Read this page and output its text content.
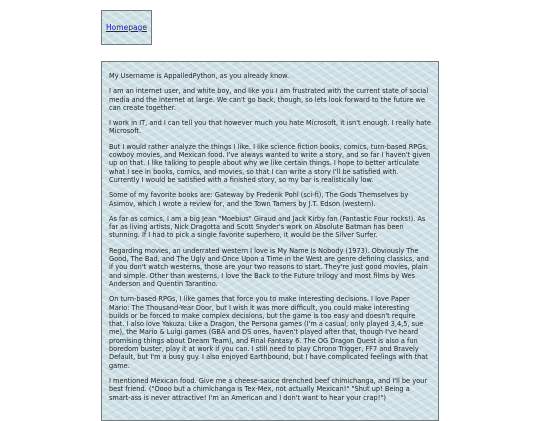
Homepage

My Username is AppalledPython, as you already know.

I am an internet user, and white boy, and like you I am frustrated with the current state of social media and the internet at large. We can't go back, though, so lets look forward to the future we can create together.

I work in IT, and I can tell you that however much you hate Microsoft, it isn't enough. I really hate Microsoft.

But I would rather analyze the things I like. I like science fiction books, comics, turn-based RPGs, cowboy movies, and Mexican food. I've always wanted to write a story, and so far I haven't given up on that. I like talking to people about why we like certain things. I hope to better articulate what I see in books, comics, and movies, so that I can write a story I'll be satisfied with. Currently I would be satisfied with a finished story, so my bar is realistically low.

Some of my favorite books are: Gateway by Frederik Pohl (sci-fi), The Gods Themselves by Asimov, which I wrote a review for, and the Town Tamers by J.T. Edson (western).

As far as comics, I am a big Jean "Moebius" Giraud and Jack Kirby fan (Fantastic Four rocks!). As far as living artists, Nick Dragotta and Scott Snyder's work on Absolute Batman has been stunning. If I had to pick a single favorite superhero, it would be the Silver Surfer.

Regarding movies, an underrated western I love is My Name Is Nobody (1973). Obviously The Good, The Bad, and The Ugly and Once Upon a Time in the West are genre defining classics, and if you don't watch westerns, those are your two reasons to start. They're just good movies, plain and simple. Other than westerns, I love the Back to the Future trilogy and most films by Wes Anderson and Quentin Tarantino.

On turn-based RPGs, I like games that force you to make interesting decisions. I love Paper Mario: The Thousand-Year Door, but I wish it was more difficult, you could make interesting builds or be forced to make complex decisions, but the game is too easy and doesn't require that. I also love Yakuza: Like a Dragon, the Persona games (I'm a casual, only played 3,4,5, sue me), the Mario & Luigi games (GBA and DS ones, haven't played after that, though I've heard promising things about Dream Team), and Final Fantasy 6. The OG Dragon Quest is also a fun boredom buster, play it at work if you can. I still need to play Chrono Trigger, FF7 and Bravely Default, but I'm a busy guy. I also enjoyed Earthbound, but I have complicated feelings with that game.

I mentioned Mexican food. Give me a cheese-sauce drenched beef chimichanga, and I'll be your best friend. ("Oooo but a chimichanga is Tex-Mex, not actually Mexican!" "Shut up! Being a smart-ass is never attractive! I'm an American and I don't want to hear your crap!")
